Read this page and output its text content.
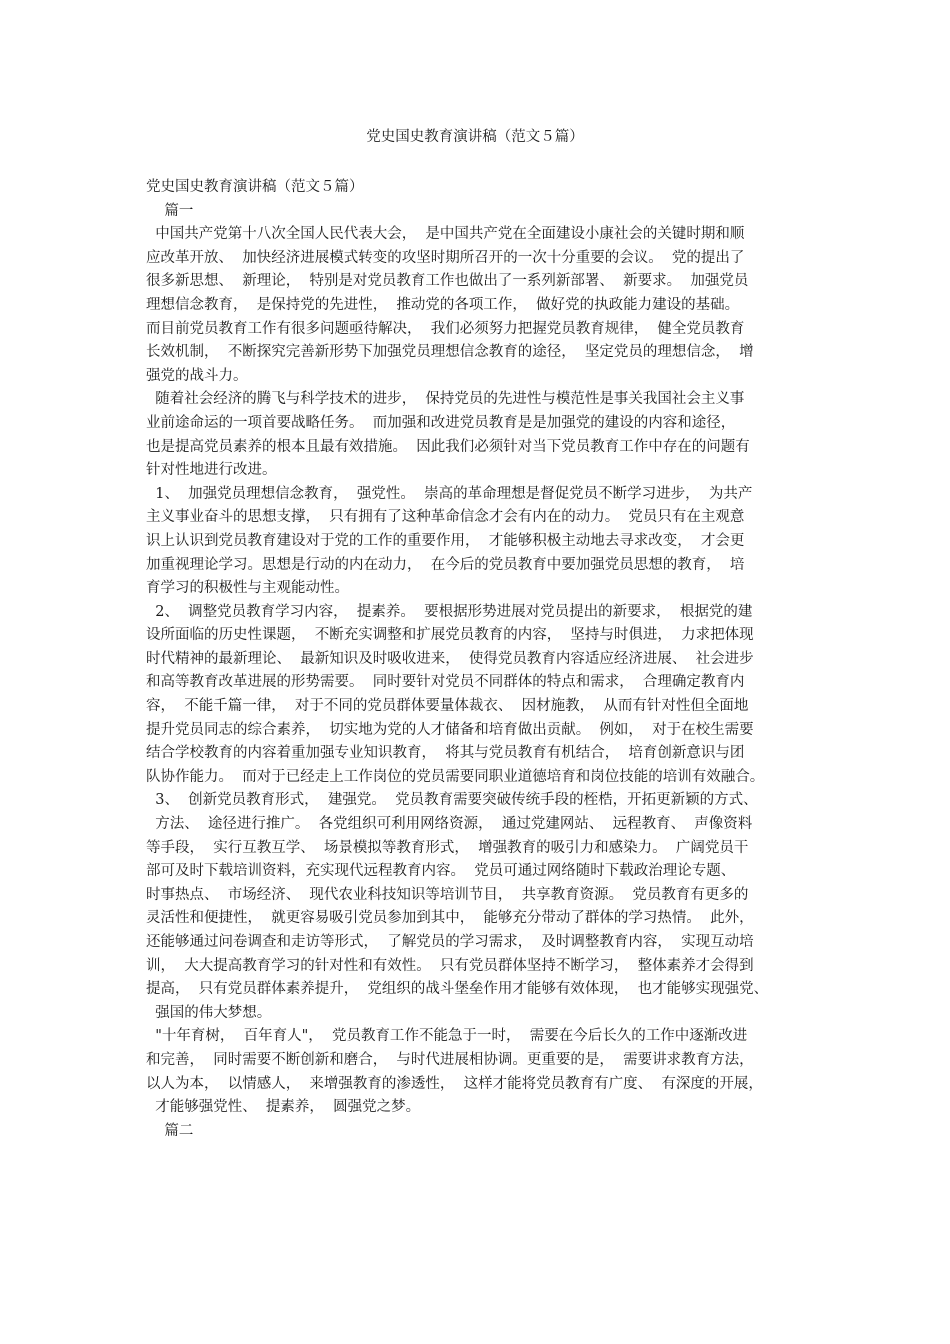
党史国史教育演讲稿（范文５篇）

党史国史教育演讲稿（范文５篇）

篇一

中国共产党第十八次全国人民代表大会，  是中国共产党在全面建设小康社会的关键时期和顺

应改革开放、  加快经济进展模式转变的攻坚时期所召开的一次十分重要的会议。  党的提出了

很多新思想、  新理论，  特别是对党员教育工作也做出了一系列新部署、  新要求。  加强党员

理想信念教育，  是保持党的先进性，  推动党的各项工作，  做好党的执政能力建设的基础。

而目前党员教育工作有很多问题亟待解决，  我们必须努力把握党员教育规律，  健全党员教育

长效机制，  不断探究完善新形势下加强党员理想信念教育的途径，  坚定党员的理想信念，  增

强党的战斗力。

随着社会经济的腾飞与科学技术的进步，  保持党员的先进性与模范性是事关我国社会主义事

业前途命运的一项首要战略任务。  而加强和改进党员教育是是加强党的建设的内容和途径，

也是提高党员素养的根本且最有效措施。  因此我们必须针对当下党员教育工作中存在的问题有

针对性地进行改进。

1、  加强党员理想信念教育，  强党性。  崇高的革命理想是督促党员不断学习进步，  为共产

主义事业奋斗的思想支撑，  只有拥有了这种革命信念才会有内在的动力。  党员只有在主观意

识上认识到党员教育建设对于党的工作的重要作用，  才能够积极主动地去寻求改变，  才会更

加重视理论学习。思想是行动的内在动力，  在今后的党员教育中要加强党员思想的教育，  培

育学习的积极性与主观能动性。

2、  调整党员教育学习内容，  提素养。  要根据形势进展对党员提出的新要求，  根据党的建

设所面临的历史性课题，  不断充实调整和扩展党员教育的内容，  坚持与时俱进，  力求把体现

时代精神的最新理论、  最新知识及时吸收进来，  使得党员教育内容适应经济进展、  社会进步

和高等教育改革进展的形势需要。  同时要针对党员不同群体的特点和需求，  合理确定教育内

容，  不能千篇一律，  对于不同的党员群体要量体裁衣、  因材施教，  从而有针对性但全面地

提升党员同志的综合素养，  切实地为党的人才储备和培育做出贡献。  例如，  对于在校生需要

结合学校教育的内容着重加强专业知识教育，  将其与党员教育有机结合，  培育创新意识与团

队协作能力。  而对于已经走上工作岗位的党员需要同职业道德培育和岗位技能的培训有效融合。

3、  创新党员教育形式，  建强党。  党员教育需要突破传统手段的桎梏，开拓更新颖的方式、

方法、  途径进行推广。  各党组织可利用网络资源，  通过党建网站、  远程教育、  声像资料

等手段，  实行互教互学、  场景模拟等教育形式，  增强教育的吸引力和感染力。  广阔党员干

部可及时下载培训资料，充实现代远程教育内容。  党员可通过网络随时下载政治理论专题、

时事热点、  市场经济、  现代农业科技知识等培训节目，  共享教育资源。  党员教育有更多的

灵活性和便捷性，  就更容易吸引党员参加到其中，  能够充分带动了群体的学习热情。  此外，

还能够通过问卷调查和走访等形式，  了解党员的学习需求，  及时调整教育内容，  实现互动培

训，  大大提高教育学习的针对性和有效性。  只有党员群体坚持不断学习，  整体素养才会得到

提高，  只有党员群体素养提升，  党组织的战斗堡垒作用才能够有效体现，  也才能够实现强党、

强国的伟大梦想。

"十年育树，  百年育人"，  党员教育工作不能急于一时，  需要在今后长久的工作中逐渐改进

和完善，  同时需要不断创新和磨合，  与时代进展相协调。更重要的是，  需要讲求教育方法，

以人为本，  以情感人，  来增强教育的渗透性，  这样才能将党员教育有广度、  有深度的开展，

才能够强党性、  提素养，  圆强党之梦。

篇二
